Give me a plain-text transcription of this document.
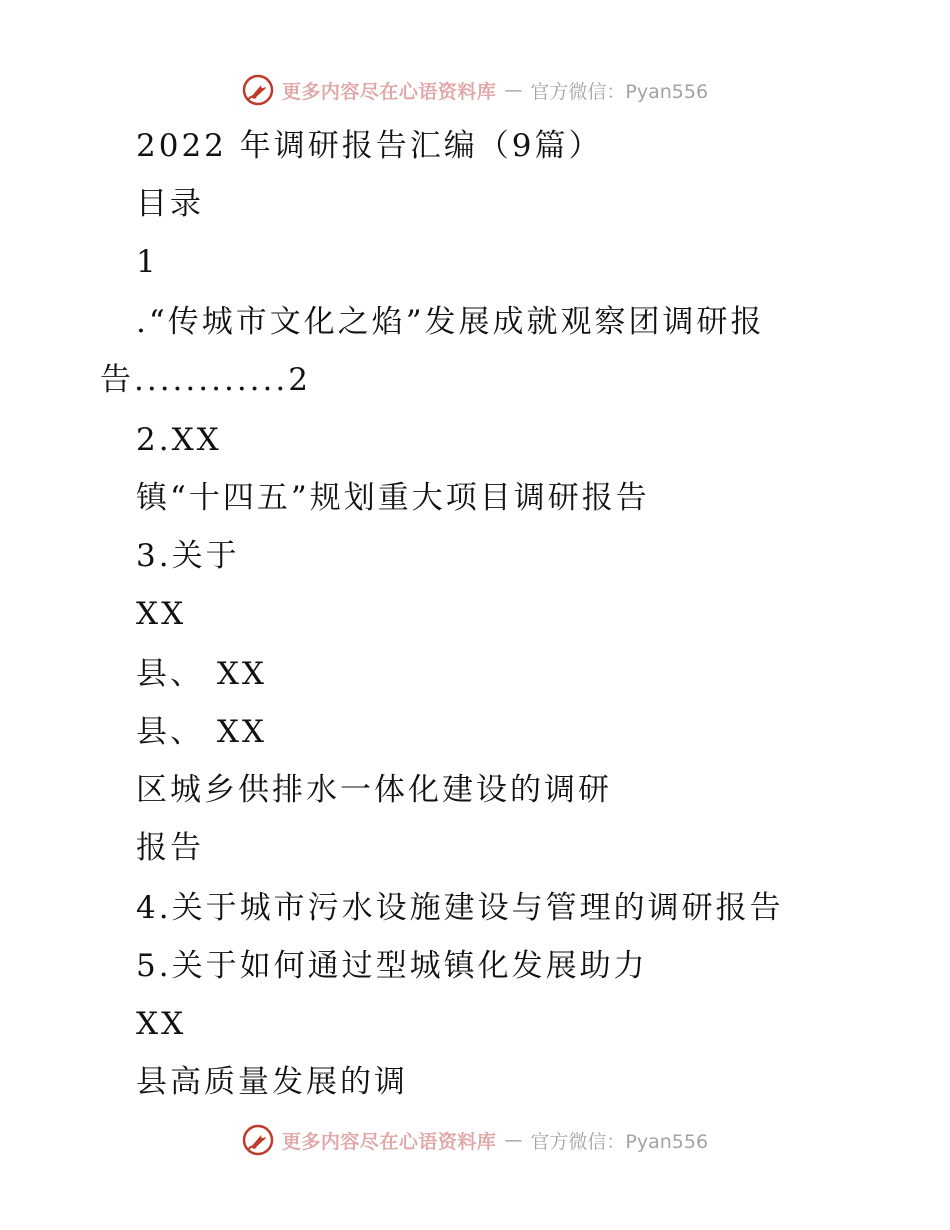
更多内容尽在心语资料库 — 官方微信：Pyan556
2022 年调研报告汇编（9篇）
目录
1
.“传城市文化之焰”发展成就观察团调研报
告............2
2.XX
镇“十四五”规划重大项目调研报告
3.关于
XX
县、 XX
县、 XX
区城乡供排水一体化建设的调研
报告
4.关于城市污水设施建设与管理的调研报告
5.关于如何通过型城镇化发展助力
XX
县高质量发展的调
更多内容尽在心语资料库 — 官方微信：Pyan556
